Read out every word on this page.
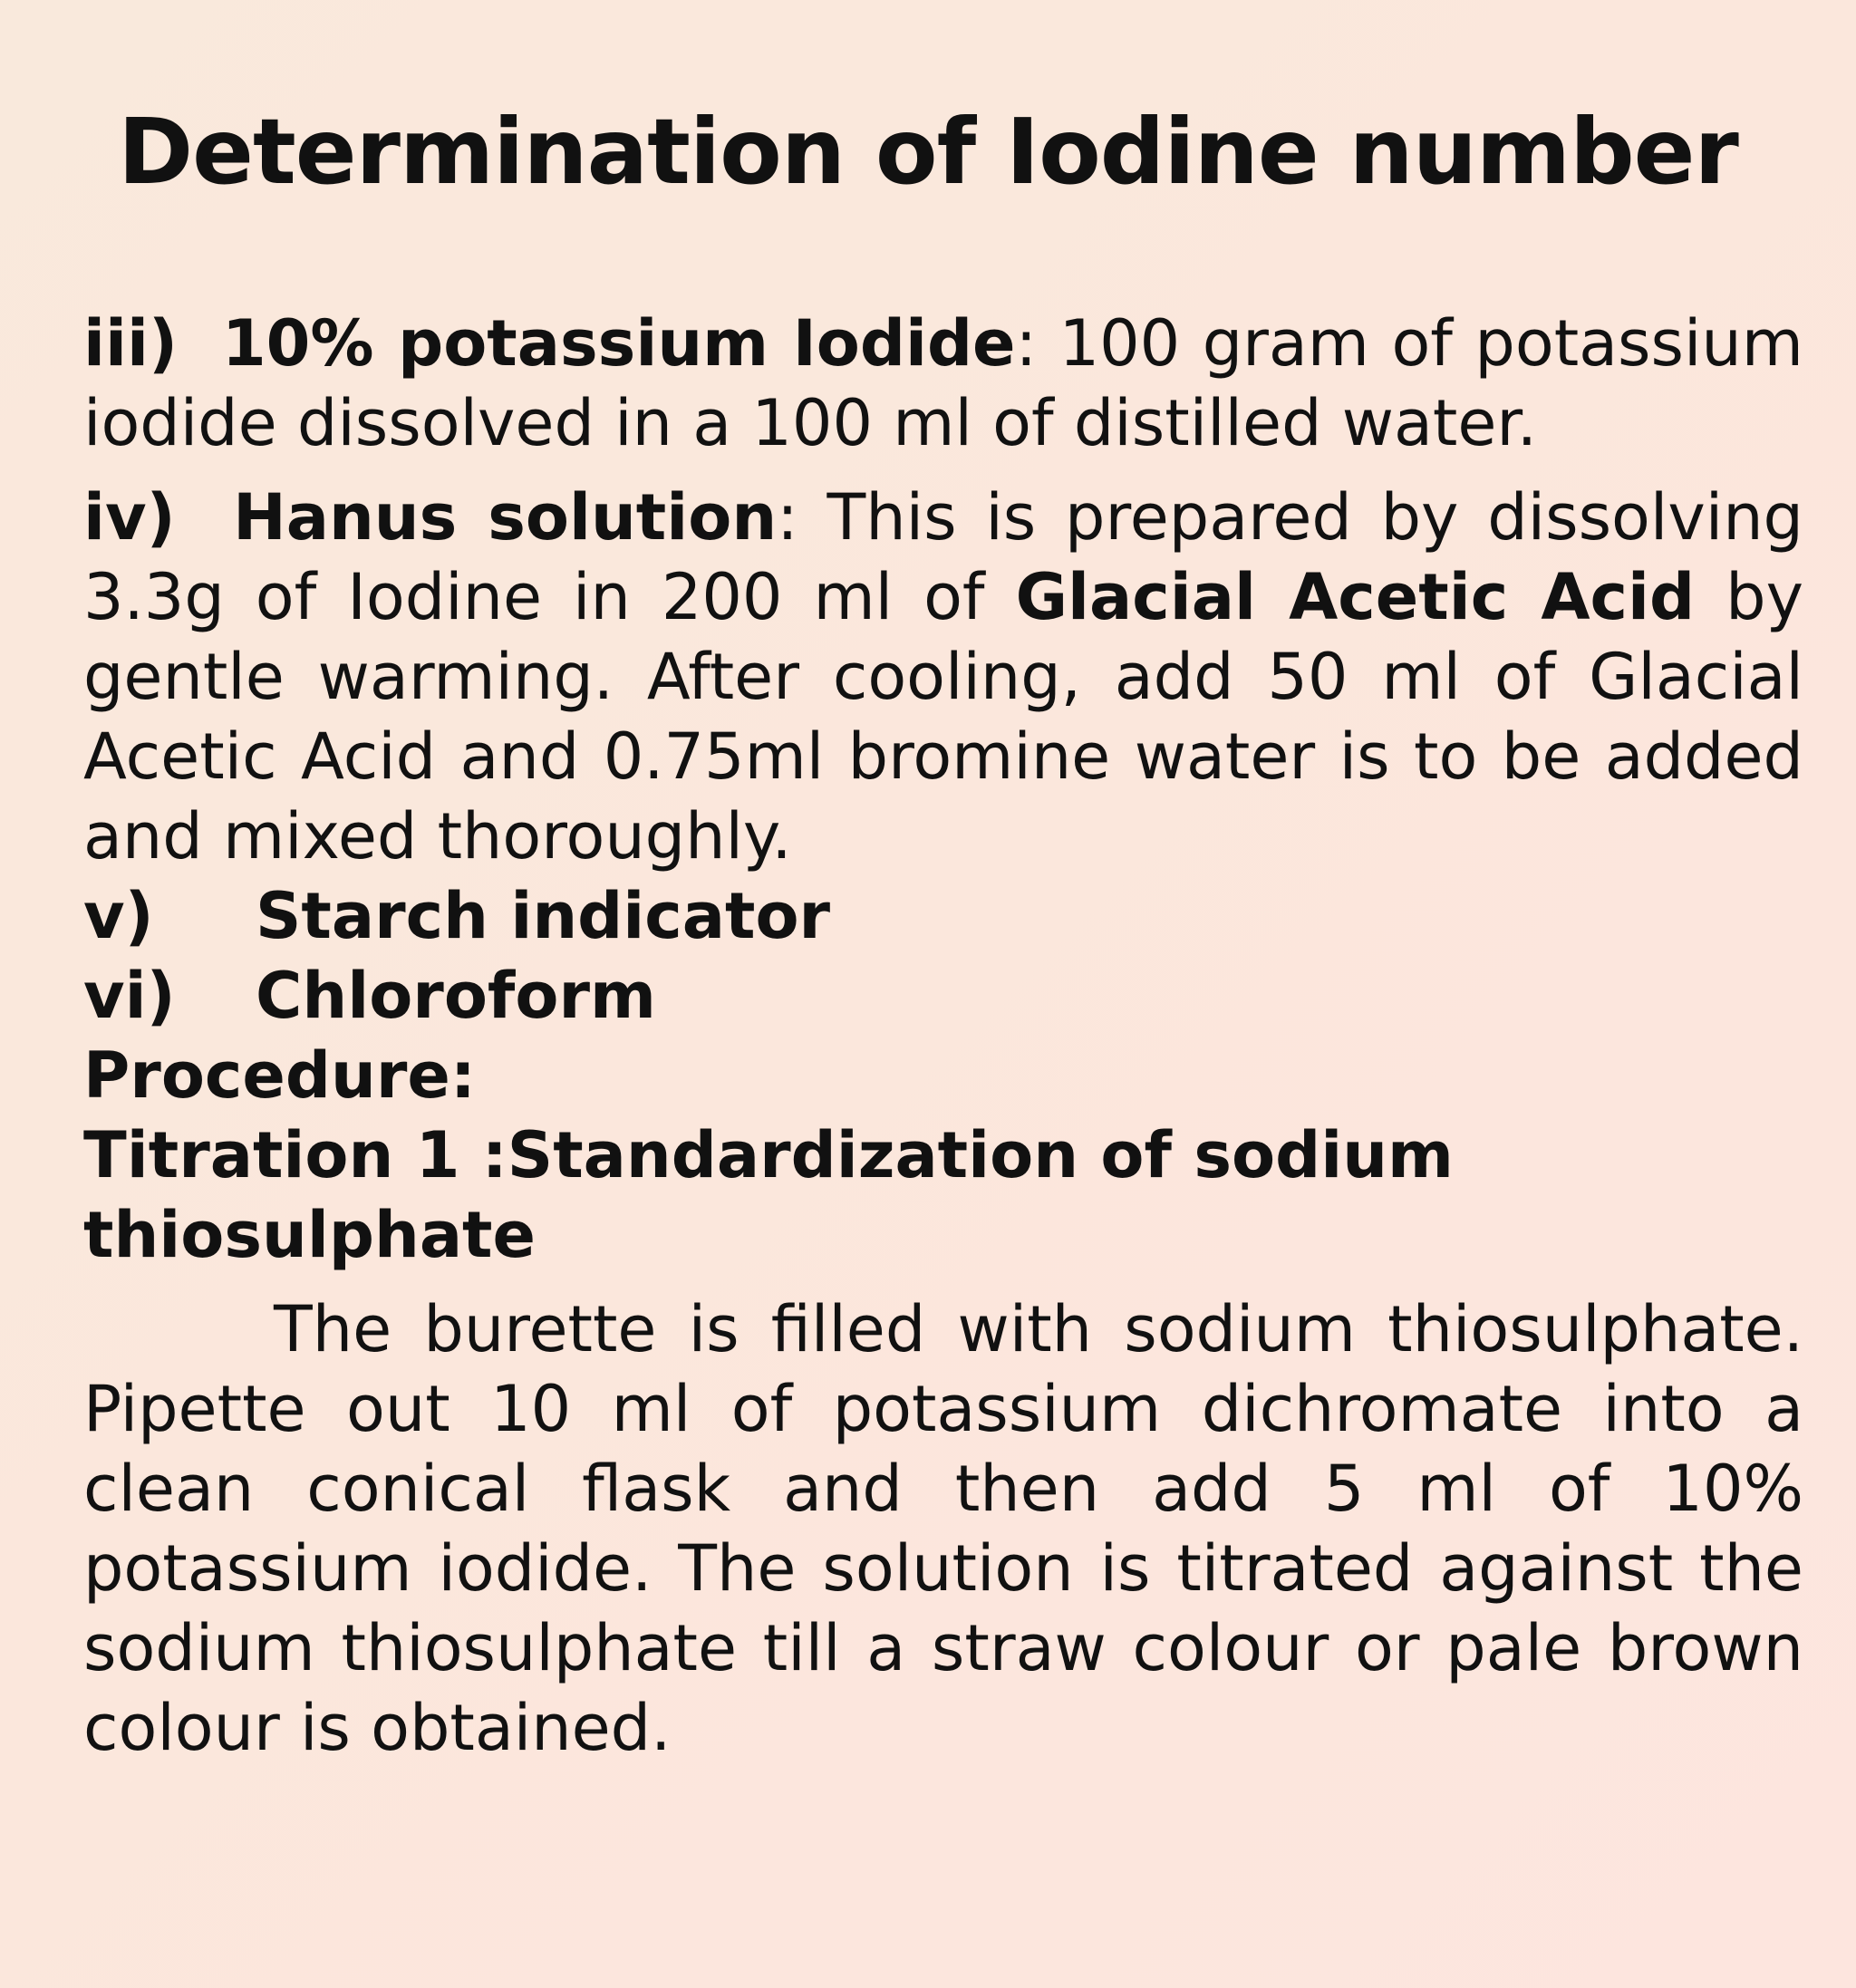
Determination of Iodine number

iii) 10% potassium Iodide: 100 gram of potassium iodide dissolved in a 100 ml of distilled water.

iv) Hanus solution: This is prepared by dissolving 3.3g of Iodine in 200 ml of Glacial Acetic Acid by gentle warming. After cooling, add 50 ml of Glacial Acetic Acid and 0.75ml bromine water is to be added and mixed thoroughly.

v)	Starch indicator
vi)	Chloroform
Procedure:
Titration 1 :Standardization of sodium thiosulphate

The burette is filled with sodium thiosulphate. Pipette out 10 ml of potassium dichromate into a clean conical flask and then add 5 ml of 10% potassium iodide. The solution is titrated against the sodium thiosulphate till a straw colour or pale brown colour is obtained.
